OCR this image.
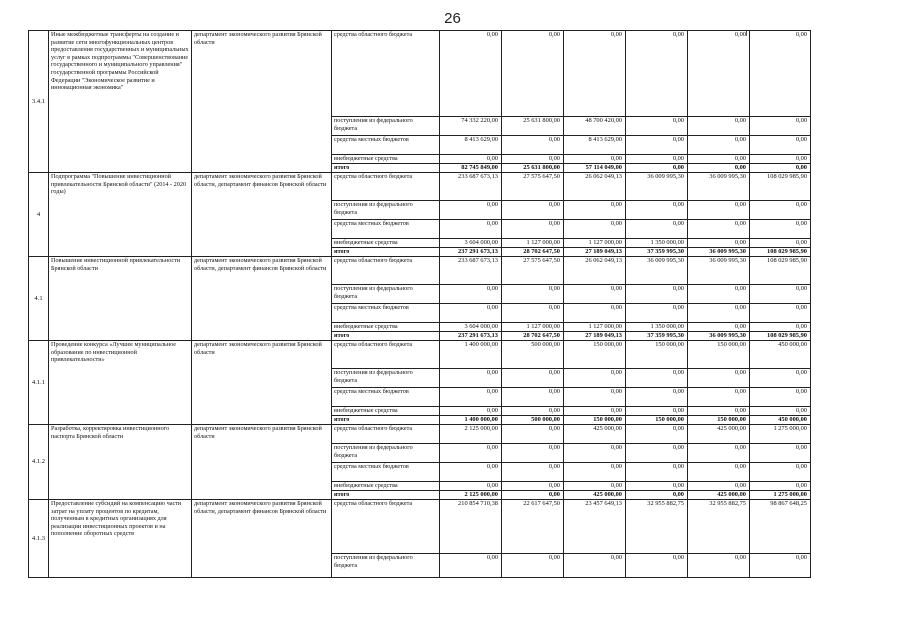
26
3.4.1	Иные межбюджетные трансферты на создание и развитие сети многофункциональных центров предоставления государственных и муниципальных услуг в рамках подпрограммы "Совершенствование государственного и муниципального управления" государственной программы Российской Федерации "Экономическое развитие и инновационная экономика"	департамент экономического развития Брянской области	средства областного бюджета	0,00	0,00	0,00	0,00	0,00	0,00
			поступления из федерального бюджета	74 332 220,00	25 631 800,00	48 700 420,00	0,00	0,00	0,00
			средства местных бюджетов	8 413 629,00	0,00	8 413 629,00	0,00	0,00	0,00
			внебюджетные средства	0,00	0,00	0,00	0,00	0,00	0,00
			итого	82 745 849,00	25 631 800,00	57 114 049,00	0,00	0,00	0,00
4	Подпрограмма "Повышение инвестиционной привлекательности Брянской области" (2014 - 2020 годы)	департамент экономического развития Брянской области, департамент финансов Брянской области	средства областного бюджета	233 687 673,13	27 575 647,50	26 062 049,13	36 009 995,30	36 009 995,30	108 029 985,90
			поступления из федерального бюджета	0,00	0,00	0,00	0,00	0,00	0,00
			средства местных бюджетов	0,00	0,00	0,00	0,00	0,00	0,00
			внебюджетные средства	3 604 000,00	1 127 000,00	1 127 000,00	1 350 000,00	0,00	0,00
			итого	237 291 673,13	28 702 647,50	27 189 049,13	37 359 995,30	36 009 995,30	108 029 985,90
4.1	Повышение инвестиционной привлекательности Брянской области	департамент экономического развития Брянской области, департамент финансов Брянской области	средства областного бюджета	233 687 673,13	27 575 647,50	26 062 049,13	36 009 995,30	36 009 995,30	108 029 985,90
			поступления из федерального бюджета	0,00	0,00	0,00	0,00	0,00	0,00
			средства местных бюджетов	0,00	0,00	0,00	0,00	0,00	0,00
			внебюджетные средства	3 604 000,00	1 127 000,00	1 127 000,00	1 350 000,00	0,00	0,00
			итого	237 291 673,13	28 702 647,50	27 189 049,13	37 359 995,30	36 009 995,30	108 029 985,90
4.1.1	Проведение конкурса «Лучшее муниципальное образование по инвестиционной привлекательности»	департамент экономического развития Брянской области	средства областного бюджета	1 400 000,00	500 000,00	150 000,00	150 000,00	150 000,00	450 000,00
			поступления из федерального бюджета	0,00	0,00	0,00	0,00	0,00	0,00
			средства местных бюджетов	0,00	0,00	0,00	0,00	0,00	0,00
			внебюджетные средства	0,00	0,00	0,00	0,00	0,00	0,00
			итого	1 400 000,00	500 000,00	150 000,00	150 000,00	150 000,00	450 000,00
4.1.2	Разработка, корректировка инвестиционного паспорта Брянской области	департамент экономического развития Брянской области	средства областного бюджета	2 125 000,00	0,00	425 000,00	0,00	425 000,00	1 275 000,00
			поступления из федерального бюджета	0,00	0,00	0,00	0,00	0,00	0,00
			средства местных бюджетов	0,00	0,00	0,00	0,00	0,00	0,00
			внебюджетные средства	0,00	0,00	0,00	0,00	0,00	0,00
			итого	2 125 000,00	0,00	425 000,00	0,00	425 000,00	1 275 000,00
4.1.3	Предоставление субсидий на компенсацию части затрат на уплату процентов по кредитам, полученным в кредитных организациях для реализации инвестиционных проектов и на пополнение оборотных средств	департамент экономического развития Брянской области, департамент финансов Брянской области	средства областного бюджета	210 854 710,38	22 617 647,50	23 457 649,13	32 955 882,75	32 955 882,75	98 867 648,25
			поступления из федерального бюджета	0,00	0,00	0,00	0,00	0,00	0,00
